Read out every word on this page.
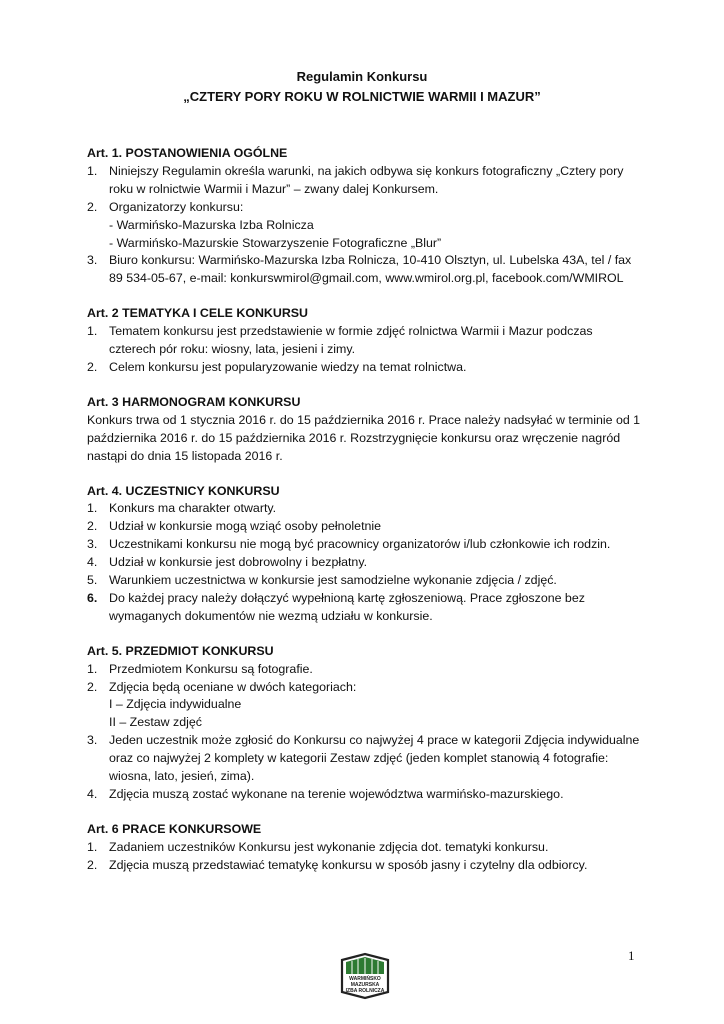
Regulamin Konkursu
„CZTERY PORY ROKU W ROLNICTWIE WARMII I MAZUR”
Art. 1. POSTANOWIENIA OGÓLNE
1. Niniejszy Regulamin określa warunki, na jakich odbywa się konkurs fotograficzny „Cztery pory roku w rolnictwie Warmii i Mazur” – zwany dalej Konkursem.
2. Organizatorzy konkursu:
- Warmińsko-Mazurska Izba Rolnicza
- Warmińsko-Mazurskie Stowarzyszenie Fotograficzne „Blur”
3. Biuro konkursu: Warmińsko-Mazurska Izba Rolnicza, 10-410 Olsztyn, ul. Lubelska 43A, tel / fax 89 534-05-67, e-mail: konkurswmirol@gmail.com, www.wmirol.org.pl, facebook.com/WMIROL
Art. 2 TEMATYKA I CELE KONKURSU
1. Tematem konkursu jest przedstawienie w formie zdjęć rolnictwa Warmii i Mazur podczas czterech pór roku: wiosny, lata, jesieni i zimy.
2. Celem konkursu jest popularyzowanie wiedzy na temat rolnictwa.
Art. 3 HARMONOGRAM KONKURSU
Konkurs trwa od 1 stycznia 2016 r. do 15 października 2016 r. Prace należy nadsyłać w terminie od 1 października 2016 r. do 15 października 2016 r. Rozstrzygnięcie konkursu oraz wręczenie nagród nastąpi do dnia 15 listopada 2016 r.
Art. 4. UCZESTNICY KONKURSU
1. Konkurs ma charakter otwarty.
2. Udział w konkursie mogą wziąć osoby pełnoletnie
3. Uczestnikami konkursu nie mogą być pracownicy organizatorów i/lub członkowie ich rodzin.
4. Udział w konkursie jest dobrowolny i bezpłatny.
5. Warunkiem uczestnictwa w konkursie jest samodzielne wykonanie zdjęcia / zdjęć.
6. Do każdej pracy należy dołączyć wypełnioną kartę zgłoszeniową. Prace zgłoszone bez wymaganych dokumentów nie wezmą udziału w konkursie.
Art. 5. PRZEDMIOT KONKURSU
1. Przedmiotem Konkursu są fotografie.
2. Zdjęcia będą oceniane w dwóch kategoriach:
I – Zdjęcia indywidualne
II – Zestaw zdjęć
3. Jeden uczestnik może zgłosić do Konkursu co najwyżej 4 prace w kategorii Zdjęcia indywidualne oraz co najwyżej 2 komplety w kategorii Zestaw zdjęć (jeden komplet stanowią 4 fotografie: wiosna, lato, jesień, zima).
4. Zdjęcia muszą zostać wykonane na terenie województwa warmińsko-mazurskiego.
Art. 6 PRACE KONKURSOWE
1. Zadaniem uczestników Konkursu jest wykonanie zdjęcia dot. tematyki konkursu.
2. Zdjęcia muszą przedstawiać tematykę konkursu w sposób jasny i czytelny dla odbiorcy.
WARMIŃSKO
MAZURSKA
IZBA ROLNICZA
1
